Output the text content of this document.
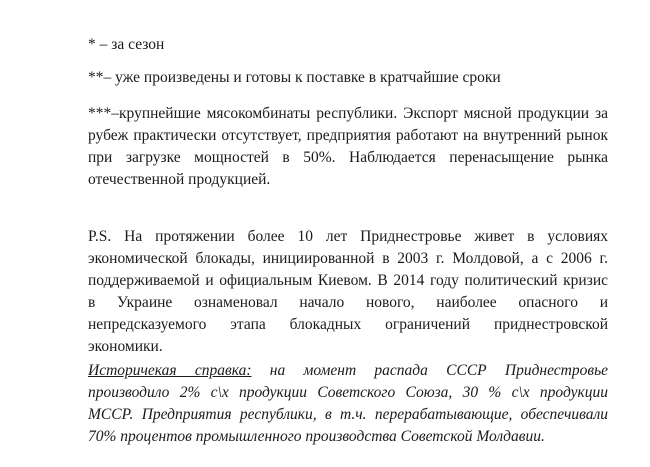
* – за сезон
**– уже произведены и готовы к поставке в кратчайшие сроки
***–крупнейшие мясокомбинаты республики. Экспорт мясной продукции за
рубеж практически отсутствует, предприятия работают на внутренний рынок
при загрузке мощностей в 50%. Наблюдается перенасыщение рынка
отечественной продукцией.
P.S. На протяжении более 10 лет Приднестровье живет в условиях
экономической блокады, инициированной в 2003 г. Молдовой, а с 2006 г.
поддерживаемой и официальным Киевом. В 2014 году политический кризис
в Украине ознаменовал начало нового, наиболее опасного и
непредсказуемого этапа блокадных ограничений приднестровской
экономики.
Историчекая справка: на момент распада СССР Приднестровье
производило 2% с\х продукции Советского Союза, 30 % с\х продукции
МССР. Предприятия республики, в т.ч. перерабатывающие, обеспечивали
70% процентов промышленного производства Советской Молдавии.
